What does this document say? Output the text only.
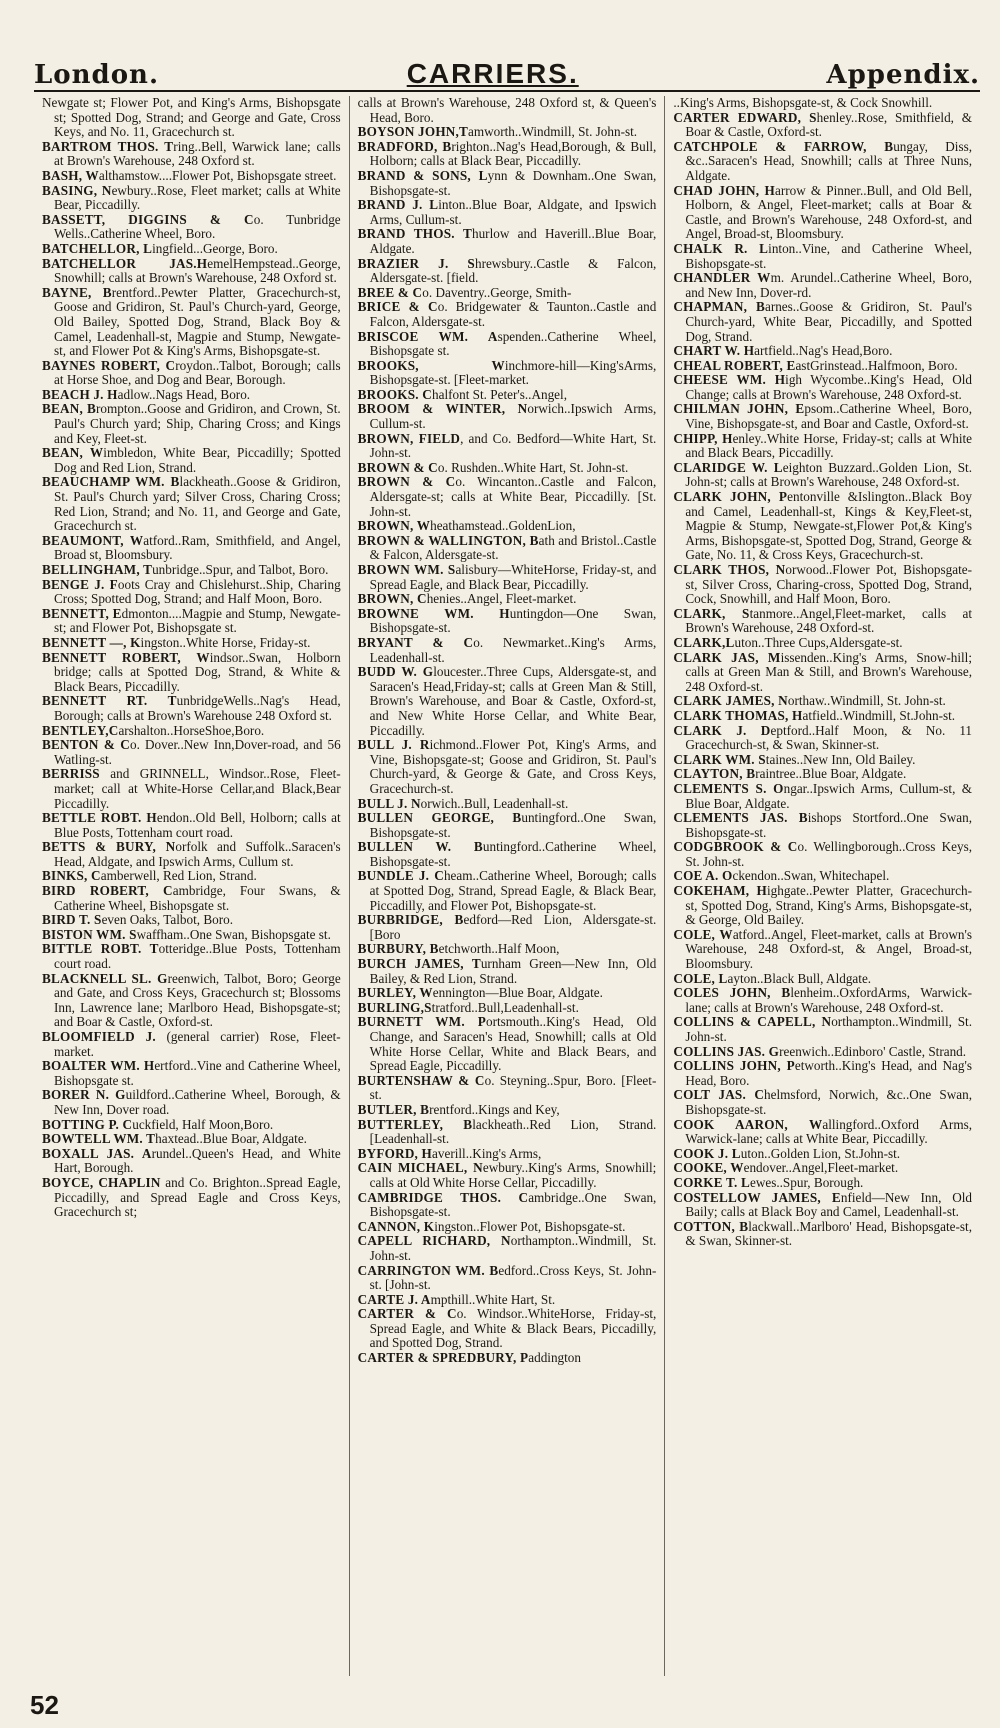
London.	CARRIERS.	Appendix.

Newgate st; Flower Pot, and King's Arms, Bishopsgate st; Spotted Dog, Strand; and George and Gate, Cross Keys, and No. 11, Gracechurch st.

BARTROM THOS. Tring..Bell, Warwick lane; calls at Brown's Warehouse, 248 Oxford st.

BASH, Walthamstow....Flower Pot, Bishopsgate street.

BASING, Newbury..Rose, Fleet market; calls at White Bear, Piccadilly.

BASSETT, DIGGINS & Co. Tunbridge Wells..Catherine Wheel, Boro.

BATCHELLOR, Lingfield...George, Boro.

BATCHELLOR JAS.HemelHempstead..George, Snowhill; calls at Brown's Warehouse, 248 Oxford st.

BAYNE, Brentford..Pewter Platter, Gracechurch-st, Goose and Gridiron, St. Paul's Church-yard, George, Old Bailey, Spotted Dog, Strand, Black Boy & Camel, Leadenhall-st, Magpie and Stump, Newgate-st, and Flower Pot & King's Arms, Bishopsgate-st.

BAYNES ROBERT, Croydon..Talbot, Borough; calls at Horse Shoe, and Dog and Bear, Borough.

BEACH J. Hadlow..Nags Head, Boro.

BEAN, Brompton..Goose and Gridiron, and Crown, St. Paul's Church yard; Ship, Charing Cross; and Kings and Key, Fleet-st.

BEAN, Wimbledon, White Bear, Piccadilly; Spotted Dog and Red Lion, Strand.

BEAUCHAMP WM. Blackheath..Goose & Gridiron, St. Paul's Church yard; Silver Cross, Charing Cross; Red Lion, Strand; and No. 11, and George and Gate, Gracechurch st.

BEAUMONT, Watford..Ram, Smithfield, and Angel, Broad st, Bloomsbury.

BELLINGHAM, Tunbridge..Spur, and Talbot, Boro.

BENGE J. Foots Cray and Chislehurst..Ship, Charing Cross; Spotted Dog, Strand; and Half Moon, Boro.

BENNETT, Edmonton....Magpie and Stump, Newgate-st; and Flower Pot, Bishopsgate st.

BENNETT —, Kingston..White Horse, Friday-st.

BENNETT ROBERT, Windsor..Swan, Holborn bridge; calls at Spotted Dog, Strand, & White & Black Bears, Piccadilly.

BENNETT RT. TunbridgeWells..Nag's Head, Borough; calls at Brown's Warehouse 248 Oxford st.

BENTLEY,Carshalton..HorseShoe,Boro.

BENTON & Co. Dover..New Inn,Dover-road, and 56 Watling-st.

BERRISS and GRINNELL, Windsor..Rose, Fleet-market; call at White-Horse Cellar,and Black,Bear Piccadilly.

BETTLE ROBT. Hendon..Old Bell, Holborn; calls at Blue Posts, Tottenham court road.

BETTS & BURY, Norfolk and Suffolk..Saracen's Head, Aldgate, and Ipswich Arms, Cullum st.

BINKS, Camberwell, Red Lion, Strand.

BIRD ROBERT, Cambridge, Four Swans, & Catherine Wheel, Bishopsgate st.

BIRD T. Seven Oaks, Talbot, Boro.

BISTON WM. Swaffham..One Swan, Bishopsgate st.

BITTLE ROBT. Totteridge..Blue Posts, Tottenham court road.

BLACKNELL SL. Greenwich, Talbot, Boro; George and Gate, and Cross Keys, Gracechurch st; Blossoms Inn, Lawrence lane; Marlboro Head, Bishopsgate-st; and Boar & Castle, Oxford-st.

BLOOMFIELD J. (general carrier) Rose, Fleet-market.

BOALTER WM. Hertford..Vine and Catherine Wheel, Bishopsgate st.

BORER N. Guildford..Catherine Wheel, Borough, & New Inn, Dover road.

BOTTING P. Cuckfield, Half Moon,Boro.

BOWTELL WM. Thaxtead..Blue Boar, Aldgate.

BOXALL JAS. Arundel..Queen's Head, and White Hart, Borough.

BOYCE, CHAPLIN and Co. Brighton..Spread Eagle, Piccadilly, and Spread Eagle and Cross Keys, Gracechurch st;

calls at Brown's Warehouse, 248 Oxford st, & Queen's Head, Boro.

BOYSON JOHN,Tamworth..Windmill, St. John-st.

BRADFORD, Brighton..Nag's Head,Borough, & Bull, Holborn; calls at Black Bear, Piccadilly.

BRAND & SONS, Lynn & Downham..One Swan, Bishopsgate-st.

BRAND J. Linton..Blue Boar, Aldgate, and Ipswich Arms, Cullum-st.

BRAND THOS. Thurlow and Haverill..Blue Boar, Aldgate.

BRAZIER J. Shrewsbury..Castle & Falcon, Aldersgate-st. [field.

BREE & Co. Daventry..George, Smith-

BRICE & Co. Bridgewater & Taunton..Castle and Falcon, Aldersgate-st.

BRISCOE WM. Aspenden..Catherine Wheel, Bishopsgate st.

BROOKS, Winchmore-hill—King'sArms, Bishopsgate-st. [Fleet-market.

BROOKS. Chalfont St. Peter's..Angel,

BROOM & WINTER, Norwich..Ipswich Arms, Cullum-st.

BROWN, FIELD, and Co. Bedford—White Hart, St. John-st.

BROWN & Co. Rushden..White Hart, St. John-st.

BROWN & Co. Wincanton..Castle and Falcon, Aldersgate-st; calls at White Bear, Piccadilly. [St. John-st.

BROWN, Wheathamstead..GoldenLion,

BROWN & WALLINGTON, Bath and Bristol..Castle & Falcon, Aldersgate-st.

BROWN WM. Salisbury—WhiteHorse, Friday-st, and Spread Eagle, and Black Bear, Piccadilly.

BROWN, Chenies..Angel, Fleet-market.

BROWNE WM. Huntingdon—One Swan, Bishopsgate-st.

BRYANT & Co. Newmarket..King's Arms, Leadenhall-st.

BUDD W. Gloucester..Three Cups, Aldersgate-st, and Saracen's Head,Friday-st; calls at Green Man & Still, Brown's Warehouse, and Boar & Castle, Oxford-st, and New White Horse Cellar, and White Bear, Piccadilly.

BULL J. Richmond..Flower Pot, King's Arms, and Vine, Bishopsgate-st; Goose and Gridiron, St. Paul's Church-yard, & George & Gate, and Cross Keys, Gracechurch-st.

BULL J. Norwich..Bull, Leadenhall-st.

BULLEN GEORGE, Buntingford..One Swan, Bishopsgate-st.

BULLEN W. Buntingford..Catherine Wheel, Bishopsgate-st.

BUNDLE J. Cheam..Catherine Wheel, Borough; calls at Spotted Dog, Strand, Spread Eagle, & Black Bear, Piccadilly, and Flower Pot, Bishopsgate-st.

BURBRIDGE, Bedford—Red Lion, Aldersgate-st. [Boro

BURBURY, Betchworth..Half Moon,

BURCH JAMES, Turnham Green—New Inn, Old Bailey, & Red Lion, Strand.

BURLEY, Wennington—Blue Boar, Aldgate.

BURLING,Stratford..Bull,Leadenhall-st.

BURNETT WM. Portsmouth..King's Head, Old Change, and Saracen's Head, Snowhill; calls at Old White Horse Cellar, White and Black Bears, and Spread Eagle, Piccadilly.

BURTENSHAW & Co. Steyning..Spur, Boro. [Fleet-st.

BUTLER, Brentford..Kings and Key,

BUTTERLEY, Blackheath..Red Lion, Strand. [Leadenhall-st.

BYFORD, Haverill..King's Arms,

CAIN MICHAEL, Newbury..King's Arms, Snowhill; calls at Old White Horse Cellar, Piccadilly.

CAMBRIDGE THOS. Cambridge..One Swan, Bishopsgate-st.

CANNON, Kingston..Flower Pot, Bishopsgate-st.

CAPELL RICHARD, Northampton..Windmill, St. John-st.

CARRINGTON WM. Bedford..Cross Keys, St. John-st. [John-st.

CARTE J. Ampthill..White Hart, St.

CARTER & Co. Windsor..WhiteHorse, Friday-st, Spread Eagle, and White & Black Bears, Piccadilly, and Spotted Dog, Strand.

CARTER & SPREDBURY, Paddington

..King's Arms, Bishopsgate-st, & Cock Snowhill.

CARTER EDWARD, Shenley..Rose, Smithfield, & Boar & Castle, Oxford-st.

CATCHPOLE & FARROW, Bungay, Diss, &c..Saracen's Head, Snowhill; calls at Three Nuns, Aldgate.

CHAD JOHN, Harrow & Pinner..Bull, and Old Bell, Holborn, & Angel, Fleet-market; calls at Boar & Castle, and Brown's Warehouse, 248 Oxford-st, and Angel, Broad-st, Bloomsbury.

CHALK R. Linton..Vine, and Catherine Wheel, Bishopsgate-st.

CHANDLER Wm. Arundel..Catherine Wheel, Boro, and New Inn, Dover-rd.

CHAPMAN, Barnes..Goose & Gridiron, St. Paul's Church-yard, White Bear, Piccadilly, and Spotted Dog, Strand.

CHART W. Hartfield..Nag's Head,Boro.

CHEAL ROBERT, EastGrinstead..Halfmoon, Boro.

CHEESE WM. High Wycombe..King's Head, Old Change; calls at Brown's Warehouse, 248 Oxford-st.

CHILMAN JOHN, Epsom..Catherine Wheel, Boro, Vine, Bishopsgate-st, and Boar and Castle, Oxford-st.

CHIPP, Henley..White Horse, Friday-st; calls at White and Black Bears, Piccadilly.

CLARIDGE W. Leighton Buzzard..Golden Lion, St. John-st; calls at Brown's Warehouse, 248 Oxford-st.

CLARK JOHN, Pentonville &Islington..Black Boy and Camel, Leadenhall-st, Kings & Key,Fleet-st, Magpie & Stump, Newgate-st,Flower Pot,& King's Arms, Bishopsgate-st, Spotted Dog, Strand, George & Gate, No. 11, & Cross Keys, Gracechurch-st.

CLARK THOS, Norwood..Flower Pot, Bishopsgate-st, Silver Cross, Charing-cross, Spotted Dog, Strand, Cock, Snowhill, and Half Moon, Boro.

CLARK, Stanmore..Angel,Fleet-market, calls at Brown's Warehouse, 248 Oxford-st.

CLARK,Luton..Three Cups,Aldersgate-st.

CLARK JAS, Missenden..King's Arms, Snow-hill; calls at Green Man & Still, and Brown's Warehouse, 248 Oxford-st.

CLARK JAMES, Northaw..Windmill, St. John-st.

CLARK THOMAS, Hatfield..Windmill, St.John-st.

CLARK J. Deptford..Half Moon, & No. 11 Gracechurch-st, & Swan, Skinner-st.

CLARK WM. Staines..New Inn, Old Bailey.

CLAYTON, Braintree..Blue Boar, Aldgate.

CLEMENTS S. Ongar..Ipswich Arms, Cullum-st, & Blue Boar, Aldgate.

CLEMENTS JAS. Bishops Stortford..One Swan, Bishopsgate-st.

CODGBROOK & Co. Wellingborough..Cross Keys, St. John-st.

COE A. Ockendon..Swan, Whitechapel.

COKEHAM, Highgate..Pewter Platter, Gracechurch-st, Spotted Dog, Strand, King's Arms, Bishopsgate-st, & George, Old Bailey.

COLE, Watford..Angel, Fleet-market, calls at Brown's Warehouse, 248 Oxford-st, & Angel, Broad-st, Bloomsbury.

COLE, Layton..Black Bull, Aldgate.

COLES JOHN, Blenheim..OxfordArms, Warwick-lane; calls at Brown's Warehouse, 248 Oxford-st.

COLLINS & CAPELL, Northampton..Windmill, St. John-st.

COLLINS JAS. Greenwich..Edinboro' Castle, Strand.

COLLINS JOHN, Petworth..King's Head, and Nag's Head, Boro.

COLT JAS. Chelmsford, Norwich, &c..One Swan, Bishopsgate-st.

COOK AARON, Wallingford..Oxford Arms, Warwick-lane; calls at White Bear, Piccadilly.

COOK J. Luton..Golden Lion, St.John-st.

COOKE, Wendover..Angel,Fleet-market.

CORKE T. Lewes..Spur, Borough.

COSTELLOW JAMES, Enfield—New Inn, Old Baily; calls at Black Boy and Camel, Leadenhall-st.

COTTON, Blackwall..Marlboro' Head, Bishopsgate-st, & Swan, Skinner-st.

52
